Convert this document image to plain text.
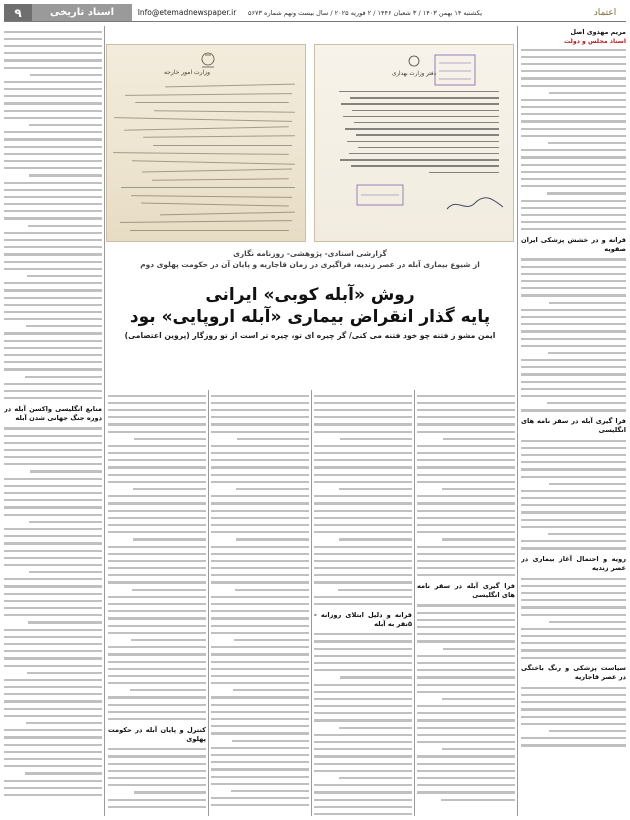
۹	اسناد تاریخی	Info@etemadnewspaper.ir	یکشنبه ۱۴ بهمن ۱۴۰۳ / ۳ شعبان ۱۴۴۶ / ۲ فوریه ۲۰۲۵ / سال بیست ونهم شماره ۵۶۷۳	اعتماد
مریم مهدوی اصل
اسناد مجلس و دولت
قرانه و در خشش پزشکی ایران صفویه
فرا گیری آبله در سفر نامه های انگلیسی
رویه و احتمال آغاز بیماری در عصر زندیه
سیاست پزشکی و رنگ باختگی در عصر قاجاریه
منابع انگلیسی واکسن آبله در دوره جنگ جهانی شدن آبله
وزارت امور خارجه	دفتر وزارت بهداری
گزارشی اسنادی- پژوهشی- روزنامه نگاری
از شیوع بیماری آبله در عصر زندیه، فراگیری در زمان قاجاریه و پایان آن در حکومت پهلوی دوم
روش «آبله کوبی» ایرانی
پایه گذار انقراض بیماری «آبله اروپایی» بود
ایمن مشو ز فتنه چو خود فتنه می کنی/ گر چیره ای تو، چیره تر است از تو روزگار (پروین اعتصامی)
فرا گیری آبله در سفر نامه های انگلیسی
قرانه و دلیل ابتلای روزانه - ۵نفر به آبله
کنترل و پایان آبله در حکومت پهلوی
